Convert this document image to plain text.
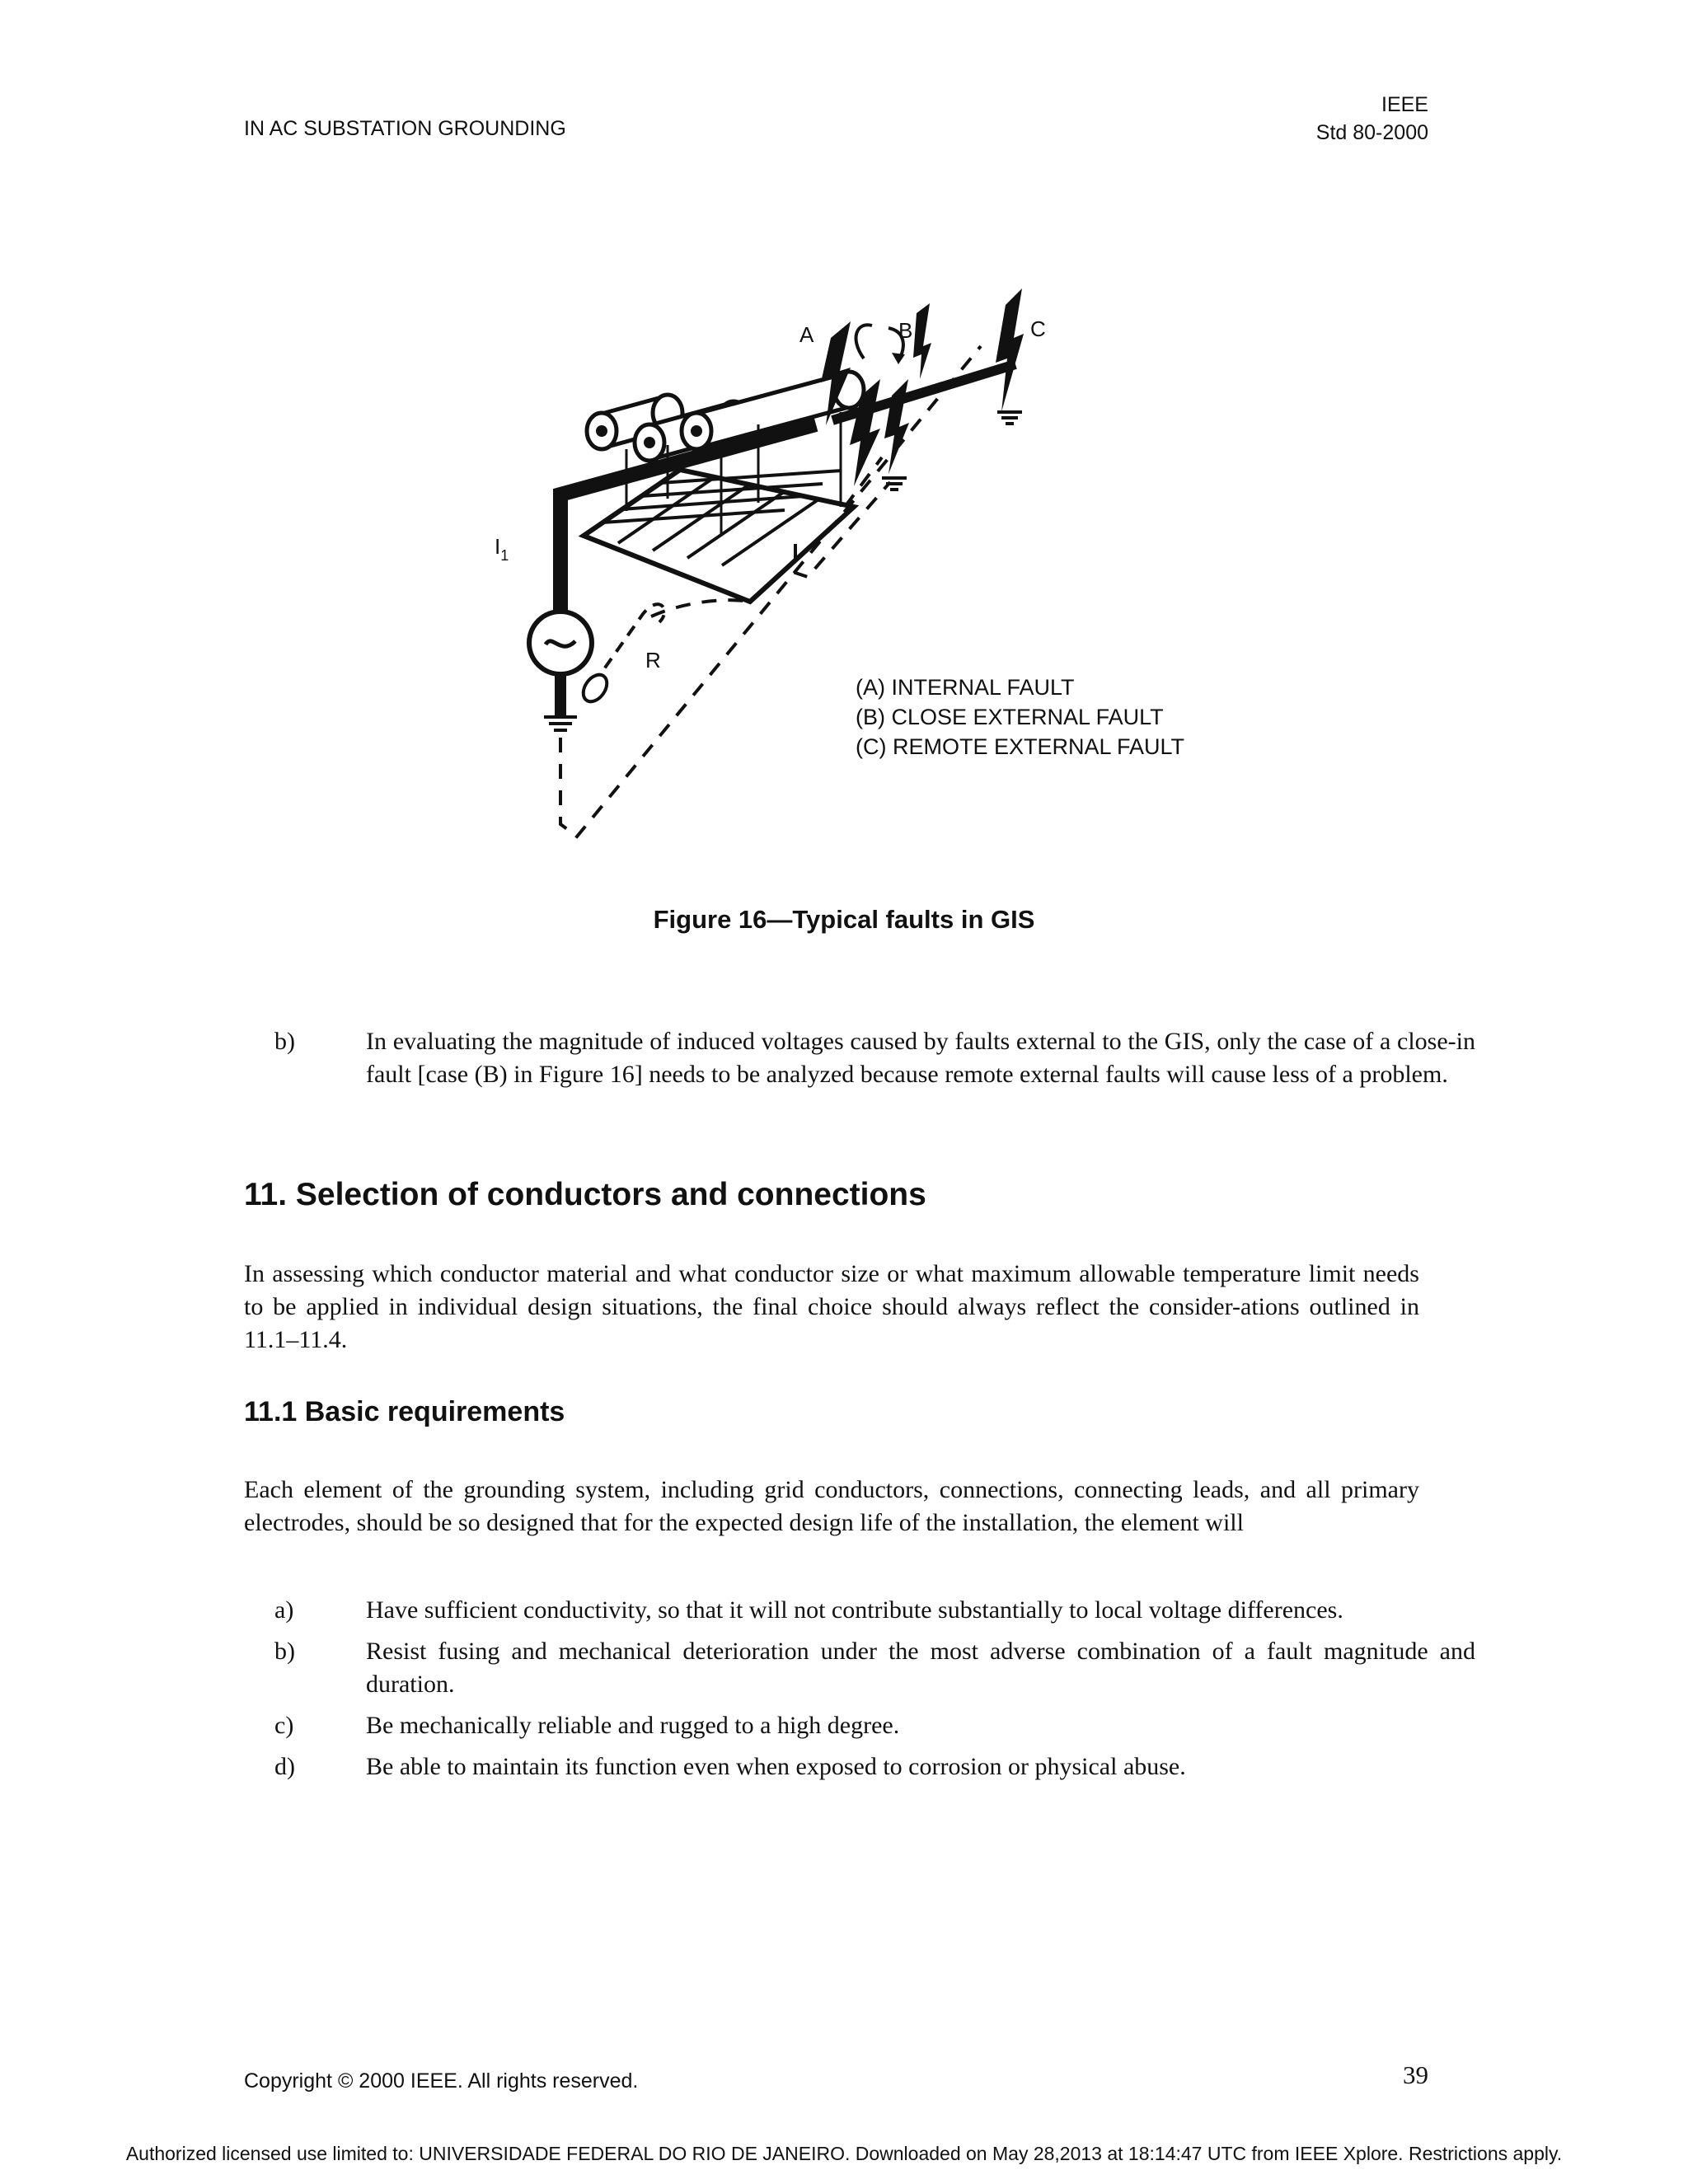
IN AC SUBSTATION GROUNDING
IEEE
Std 80-2000
A	B	C
$I_1$
R
(A) INTERNAL FAULT
(B) CLOSE EXTERNAL FAULT
(C) REMOTE EXTERNAL FAULT
Figure 16—Typical faults in GIS
b)	In evaluating the magnitude of induced voltages caused by faults external to the GIS, only the case of a close-in fault [case (B) in Figure 16] needs to be analyzed because remote external faults will cause less of a problem.
11. Selection of conductors and connections
In assessing which conductor material and what conductor size or what maximum allowable temperature limit needs to be applied in individual design situations, the final choice should always reflect the consider-ations outlined in 11.1–11.4.
11.1 Basic requirements
Each element of the grounding system, including grid conductors, connections, connecting leads, and all primary electrodes, should be so designed that for the expected design life of the installation, the element will
a)	Have sufficient conductivity, so that it will not contribute substantially to local voltage differences.
b)	Resist fusing and mechanical deterioration under the most adverse combination of a fault magnitude and duration.
c)	Be mechanically reliable and rugged to a high degree.
d)	Be able to maintain its function even when exposed to corrosion or physical abuse.
Copyright © 2000 IEEE. All rights reserved.	39
Authorized licensed use limited to: UNIVERSIDADE FEDERAL DO RIO DE JANEIRO. Downloaded on May 28,2013 at 18:14:47 UTC from IEEE Xplore. Restrictions apply.
